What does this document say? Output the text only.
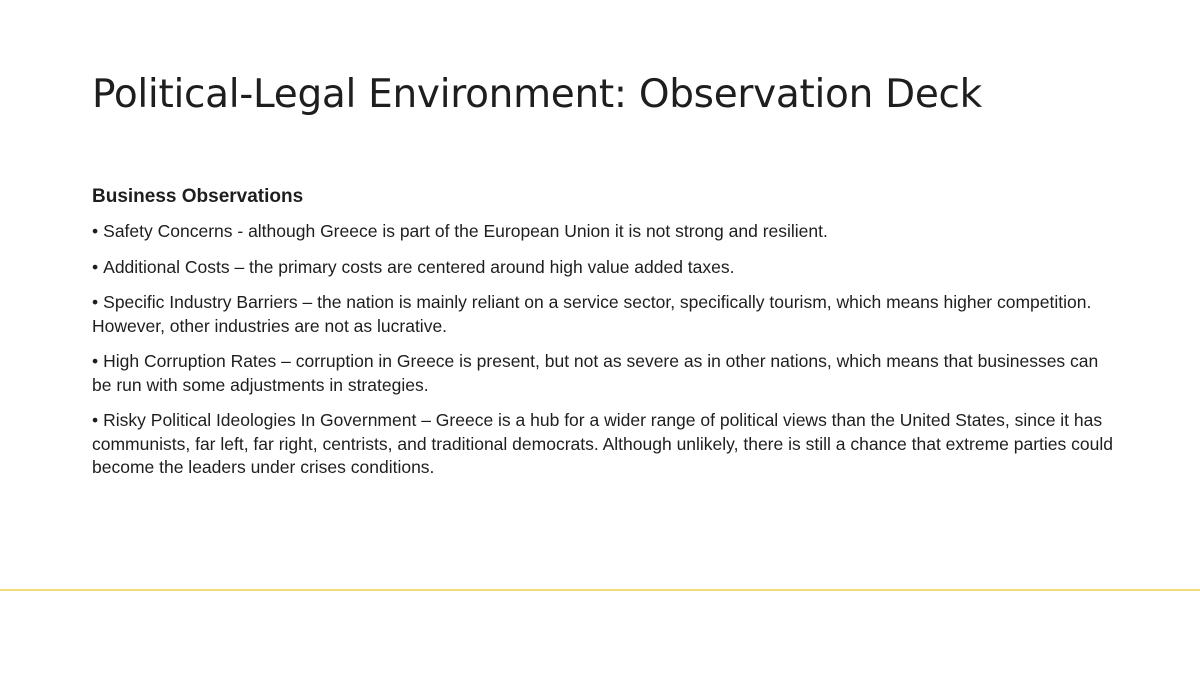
Political-Legal Environment: Observation Deck
Business Observations
• Safety Concerns - although Greece is part of the European Union it is not strong and resilient.
• Additional Costs – the primary costs are centered around high value added taxes.
• Specific Industry Barriers – the nation is mainly reliant on a service sector, specifically tourism, which means higher competition. However, other industries are not as lucrative.
• High Corruption Rates – corruption in Greece is present, but not as severe as in other nations, which means that businesses can be run with some adjustments in strategies.
• Risky Political Ideologies In Government – Greece is a hub for a wider range of political views than the United States, since it has communists, far left, far right, centrists, and traditional democrats. Although unlikely, there is still a chance that extreme parties could become the leaders under crises conditions.
